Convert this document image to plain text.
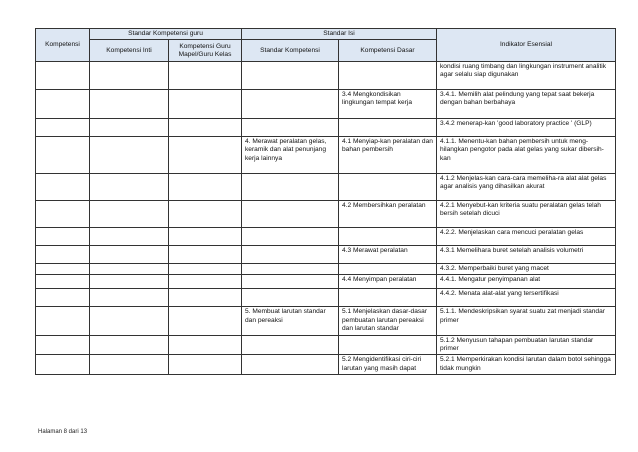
Kompetensi	Standar Kompetensi guru		Standar Isi		Indikator Esensial
	Kompetensi Inti	Kompetensi Guru Mapel/Guru Kelas	Standar Kompetensi	Kompetensi Dasar	
					kondisi ruang timbang dan lingkungan instrument analitik agar selalu siap digunakan
				3.4 Mengkondisikan lingkungan tempat kerja	3.4.1. Memilih alat pelindung yang tepat saat bekerja dengan bahan berbahaya
					3.4.2 menerap-kan 'good laboratory practice ' (GLP)
			4. Merawat peralatan gelas, keramik dan alat penunjang kerja lainnya	4.1 Menyiap-kan peralatan dan bahan pembersih	4.1.1. Menentu-kan bahan pembersih untuk meng-hilangkan pengotor pada alat gelas yang sukar dibersih-kan
					4.1.2 Menjelas-kan cara-cara memeliha-ra alat alat gelas agar analisis yang dihasilkan akurat
				4.2 Membersihkan peralatan	4.2.1 Menyebut-kan kriteria suatu peralatan gelas telah bersih setelah dicuci
					4.2.2. Menjelaskan cara mencuci peralatan gelas
				4.3 Merawat peralatan	4.3.1 Memelihara buret setelah analisis volumetri
					4.3.2. Memperbaiki buret yang macet
				4.4 Menyimpan peralatan	4.4.1. Mengatur penyimpanan alat
					4.4.2. Menata alat-alat yang tersertifikasi
			5. Membuat larutan standar dan pereaksi	5.1 Menjelaskan dasar-dasar pembuatan larutan pereaksi dan larutan standar	5.1.1. Mendeskripsikan syarat suatu zat menjadi standar primer
					5.1.2 Menyusun tahapan pembuatan larutan standar primer
				5.2 Mengidentifikasi ciri-ciri larutan yang masih dapat	5.2.1 Memperkirakan kondisi larutan dalam botol sehingga tidak mungkin
Halaman 8 dari 13
